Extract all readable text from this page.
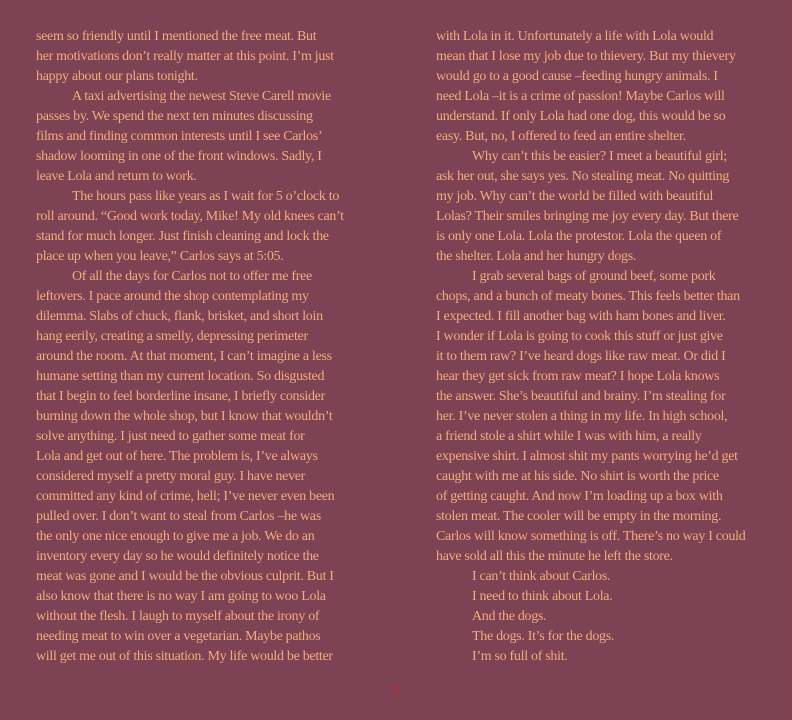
seem so friendly until I mentioned the free meat. But
her motivations don’t really matter at this point. I’m just
happy about our plans tonight.
A taxi advertising the newest Steve Carell movie
passes by. We spend the next ten minutes discussing
films and finding common interests until I see Carlos’
shadow looming in one of the front windows. Sadly, I
leave Lola and return to work.
The hours pass like years as I wait for 5 o’clock to
roll around. “Good work today, Mike! My old knees can’t
stand for much longer. Just finish cleaning and lock the
place up when you leave,” Carlos says at 5:05.
Of all the days for Carlos not to offer me free
leftovers. I pace around the shop contemplating my
dilemma. Slabs of chuck, flank, brisket, and short loin
hang eerily, creating a smelly, depressing perimeter
around the room. At that moment, I can’t imagine a less
humane setting than my current location. So disgusted
that I begin to feel borderline insane, I briefly consider
burning down the whole shop, but I know that wouldn’t
solve anything. I just need to gather some meat for
Lola and get out of here. The problem is, I’ve always
considered myself a pretty moral guy. I have never
committed any kind of crime, hell; I’ve never even been
pulled over. I don’t want to steal from Carlos –he was
the only one nice enough to give me a job. We do an
inventory every day so he would definitely notice the
meat was gone and I would be the obvious culprit. But I
also know that there is no way I am going to woo Lola
without the flesh. I laugh to myself about the irony of
needing meat to win over a vegetarian. Maybe pathos
will get me out of this situation. My life would be better
with Lola in it. Unfortunately a life with Lola would
mean that I lose my job due to thievery. But my thievery
would go to a good cause –feeding hungry animals. I
need Lola –it is a crime of passion! Maybe Carlos will
understand. If only Lola had one dog, this would be so
easy. But, no, I offered to feed an entire shelter.
Why can’t this be easier? I meet a beautiful girl;
ask her out, she says yes. No stealing meat. No quitting
my job. Why can’t the world be filled with beautiful
Lolas? Their smiles bringing me joy every day. But there
is only one Lola. Lola the protestor. Lola the queen of
the shelter. Lola and her hungry dogs.
I grab several bags of ground beef, some pork
chops, and a bunch of meaty bones. This feels better than
I expected. I fill another bag with ham bones and liver.
I wonder if Lola is going to cook this stuff or just give
it to them raw? I’ve heard dogs like raw meat. Or did I
hear they get sick from raw meat? I hope Lola knows
the answer. She’s beautiful and brainy. I’m stealing for
her. I’ve never stolen a thing in my life. In high school,
a friend stole a shirt while I was with him, a really
expensive shirt. I almost shit my pants worrying he’d get
caught with me at his side. No shirt is worth the price
of getting caught. And now I’m loading up a box with
stolen meat. The cooler will be empty in the morning.
Carlos will know something is off. There’s no way I could
have sold all this the minute he left the store.
I can’t think about Carlos.
I need to think about Lola.
And the dogs.
The dogs. It’s for the dogs.
I’m so full of shit.
5
